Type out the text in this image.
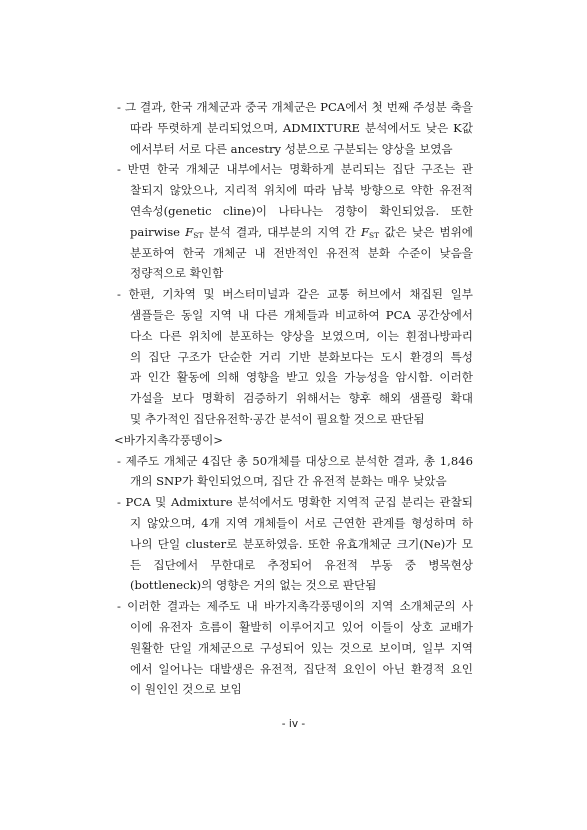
- 그 결과, 한국 개체군과 중국 개체군은 PCA에서 첫 번째 주성분 축을
따라 뚜렷하게 분리되었으며, ADMIXTURE 분석에서도 낮은 K값
에서부터 서로 다른 ancestry 성분으로 구분되는 양상을 보였음
- 반면 한국 개체군 내부에서는 명확하게 분리되는 집단 구조는 관
찰되지 않았으나, 지리적 위치에 따라 남북 방향으로 약한 유전적
연속성(genetic cline)이 나타나는 경향이 확인되었음. 또한
pairwise $F_{ST}$ 분석 결과, 대부분의 지역 간 $F_{ST}$ 값은 낮은 범위에
분포하여 한국 개체군 내 전반적인 유전적 분화 수준이 낮음을
정량적으로 확인함
- 한편, 기차역 및 버스터미널과 같은 교통 허브에서 채집된 일부
샘플들은 동일 지역 내 다른 개체들과 비교하여 PCA 공간상에서
다소 다른 위치에 분포하는 양상을 보였으며, 이는 흰점나방파리
의 집단 구조가 단순한 거리 기반 분화보다는 도시 환경의 특성
과 인간 활동에 의해 영향을 받고 있을 가능성을 암시함. 이러한
가설을 보다 명확히 검증하기 위해서는 향후 해외 샘플링 확대
및 추가적인 집단유전학·공간 분석이 필요할 것으로 판단됨
<바가지촉각풍뎅이>
- 제주도 개체군 4집단 총 50개체를 대상으로 분석한 결과, 총 1,846
개의 SNP가 확인되었으며, 집단 간 유전적 분화는 매우 낮았음
- PCA 및 Admixture 분석에서도 명확한 지역적 군집 분리는 관찰되
지 않았으며, 4개 지역 개체들이 서로 근연한 관계를 형성하며 하
나의 단일 cluster로 분포하였음. 또한 유효개체군 크기(Ne)가 모
든 집단에서 무한대로 추정되어 유전적 부동 중 병목현상
(bottleneck)의 영향은 거의 없는 것으로 판단됨
- 이러한 결과는 제주도 내 바가지촉각풍뎅이의 지역 소개체군의 사
이에 유전자 흐름이 활발히 이루어지고 있어 이들이 상호 교배가
원활한 단일 개체군으로 구성되어 있는 것으로 보이며, 일부 지역
에서 일어나는 대발생은 유전적, 집단적 요인이 아닌 환경적 요인
이 원인인 것으로 보임
- iv -
